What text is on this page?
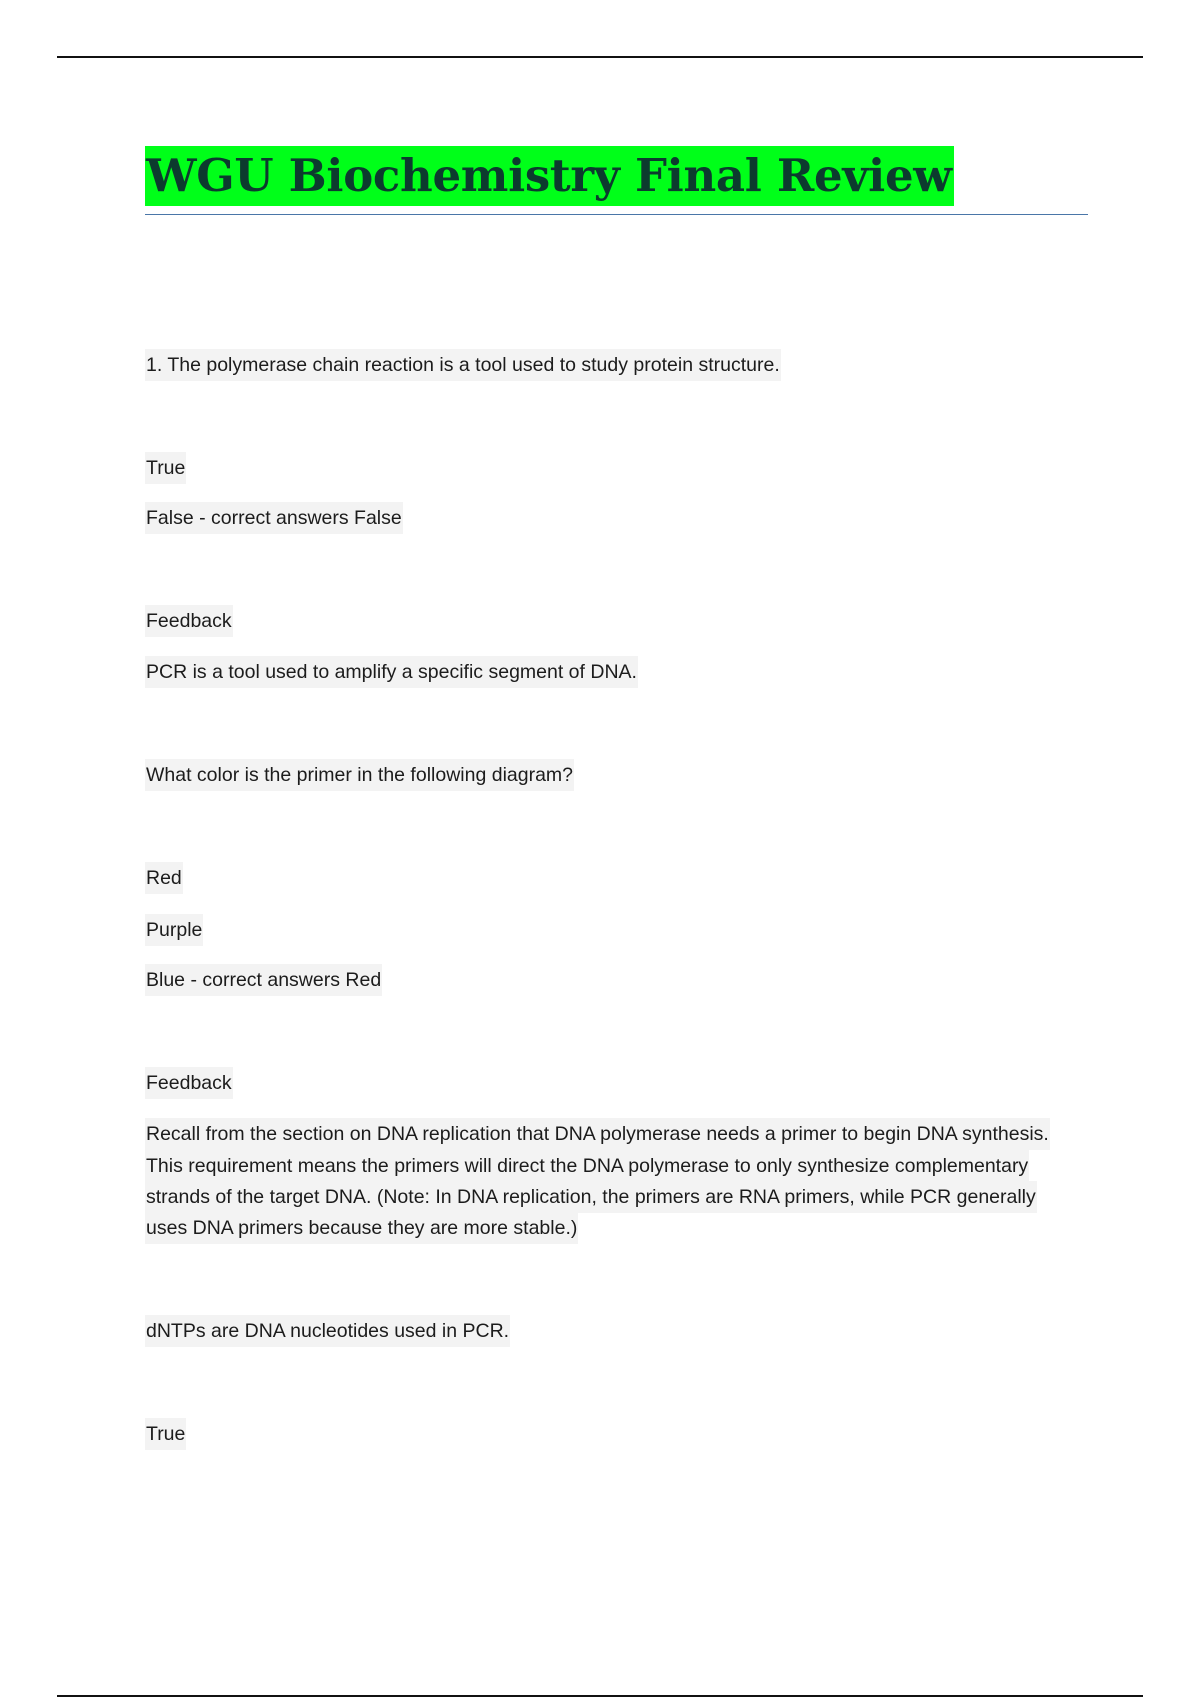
WGU Biochemistry Final Review
1. The polymerase chain reaction is a tool used to study protein structure.
True
False - correct answers False
Feedback
PCR is a tool used to amplify a specific segment of DNA.
What color is the primer in the following diagram?
Red
Purple
Blue - correct answers Red
Feedback
Recall from the section on DNA replication that DNA polymerase needs a primer to begin DNA synthesis.
This requirement means the primers will direct the DNA polymerase to only synthesize complementary
strands of the target DNA. (Note: In DNA replication, the primers are RNA primers, while PCR generally
uses DNA primers because they are more stable.)
dNTPs are DNA nucleotides used in PCR.
True
